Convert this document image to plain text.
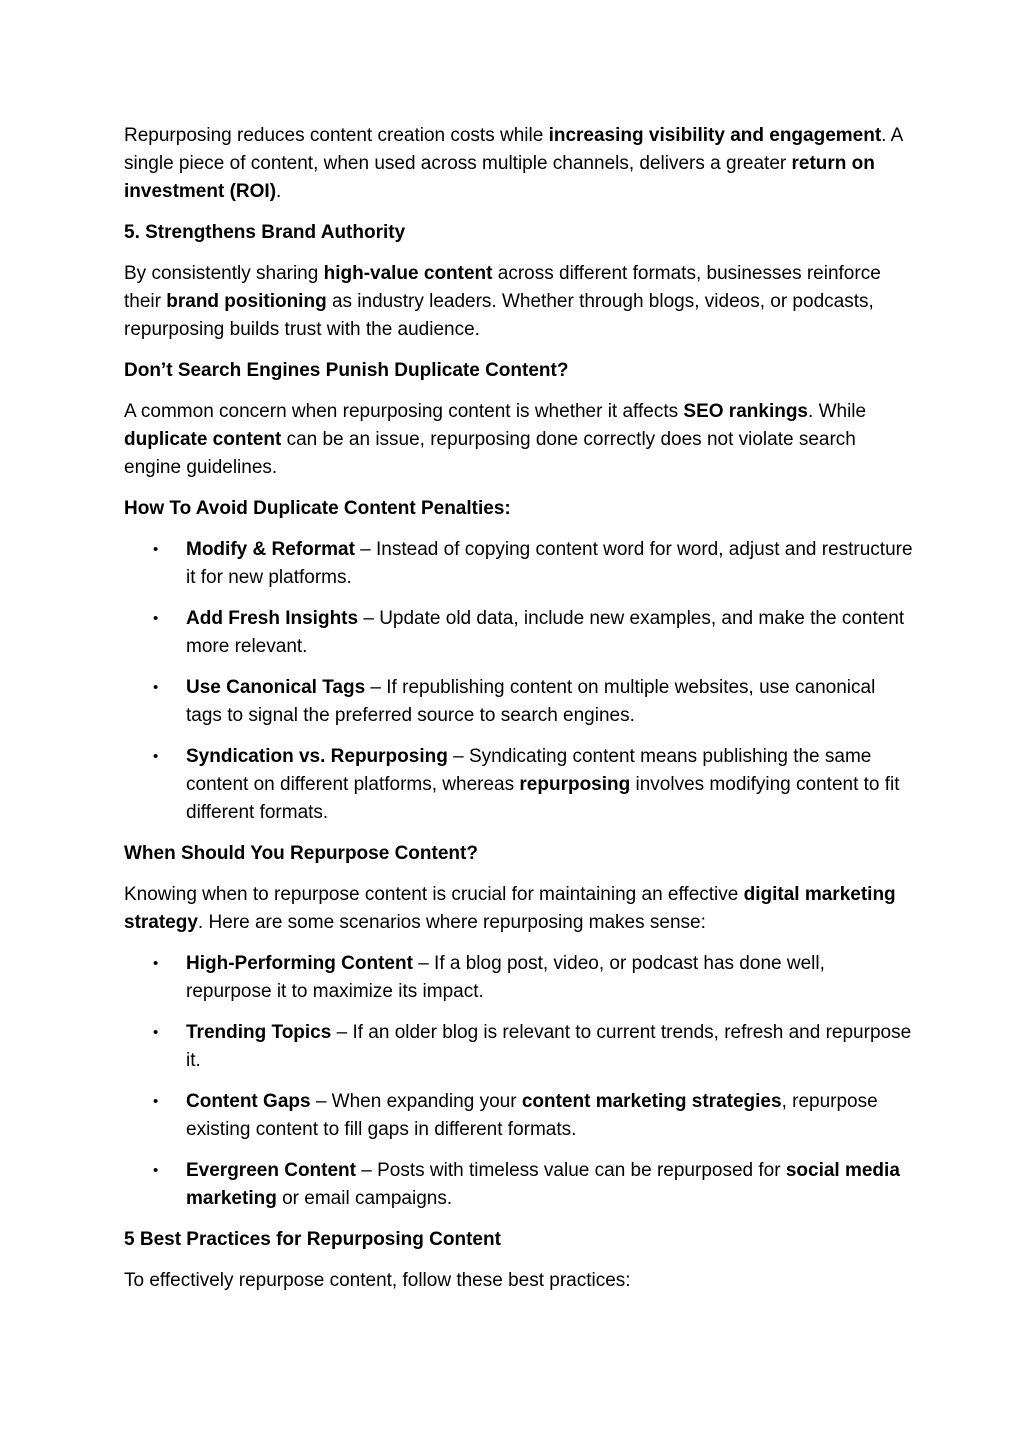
Repurposing reduces content creation costs while increasing visibility and engagement. A single piece of content, when used across multiple channels, delivers a greater return on investment (ROI).

5. Strengthens Brand Authority

By consistently sharing high-value content across different formats, businesses reinforce their brand positioning as industry leaders. Whether through blogs, videos, or podcasts, repurposing builds trust with the audience.

Don’t Search Engines Punish Duplicate Content?

A common concern when repurposing content is whether it affects SEO rankings. While duplicate content can be an issue, repurposing done correctly does not violate search engine guidelines.

How To Avoid Duplicate Content Penalties:
• Modify & Reformat – Instead of copying content word for word, adjust and restructure it for new platforms.
• Add Fresh Insights – Update old data, include new examples, and make the content more relevant.
• Use Canonical Tags – If republishing content on multiple websites, use canonical tags to signal the preferred source to search engines.
• Syndication vs. Repurposing – Syndicating content means publishing the same content on different platforms, whereas repurposing involves modifying content to fit different formats.
When Should You Repurpose Content?

Knowing when to repurpose content is crucial for maintaining an effective digital marketing strategy. Here are some scenarios where repurposing makes sense:

• High-Performing Content – If a blog post, video, or podcast has done well, repurpose it to maximize its impact.
• Trending Topics – If an older blog is relevant to current trends, refresh and repurpose it.
• Content Gaps – When expanding your content marketing strategies, repurpose existing content to fill gaps in different formats.
• Evergreen Content – Posts with timeless value can be repurposed for social media marketing or email campaigns.
5 Best Practices for Repurposing Content

To effectively repurpose content, follow these best practices:
